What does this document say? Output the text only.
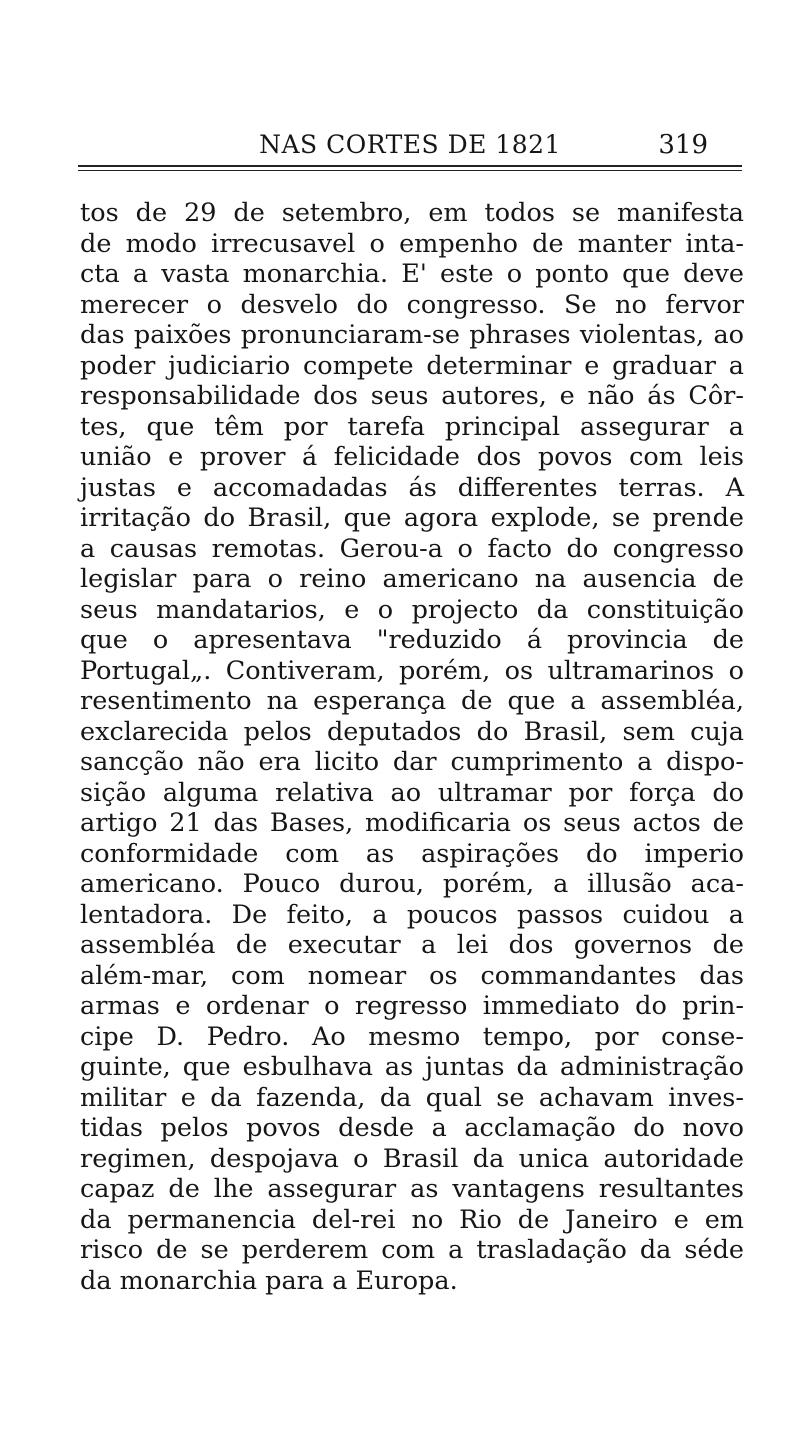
NAS CORTES DE 1821	319
tos de 29 de setembro, em todos se manifesta
de modo irrecusavel o empenho de manter inta-
cta a vasta monarchia. E' este o ponto que deve
merecer o desvelo do congresso. Se no fervor
das paixões pronunciaram-se phrases violentas, ao
poder judiciario compete determinar e graduar a
responsabilidade dos seus autores, e não ás Côr-
tes, que têm por tarefa principal assegurar a
união e prover á felicidade dos povos com leis
justas e accomadadas ás differentes terras. A
irritação do Brasil, que agora explode, se prende
a causas remotas. Gerou-a o facto do congresso
legislar para o reino americano na ausencia de
seus mandatarios, e o projecto da constituição
que o apresentava "reduzido á provincia de
Portugal„. Contiveram, porém, os ultramarinos o
resentimento na esperança de que a assembléa,
exclarecida pelos deputados do Brasil, sem cuja
sancção não era licito dar cumprimento a dispo-
sição alguma relativa ao ultramar por força do
artigo 21 das Bases, modificaria os seus actos de
conformidade com as aspirações do imperio
americano. Pouco durou, porém, a illusão aca-
lentadora. De feito, a poucos passos cuidou a
assembléa de executar a lei dos governos de
além-mar, com nomear os commandantes das
armas e ordenar o regresso immediato do prin-
cipe D. Pedro. Ao mesmo tempo, por conse-
guinte, que esbulhava as juntas da administração
militar e da fazenda, da qual se achavam inves-
tidas pelos povos desde a acclamação do novo
regimen, despojava o Brasil da unica autoridade
capaz de lhe assegurar as vantagens resultantes
da permanencia del-rei no Rio de Janeiro e em
risco de se perderem com a trasladação da séde
da monarchia para a Europa.
